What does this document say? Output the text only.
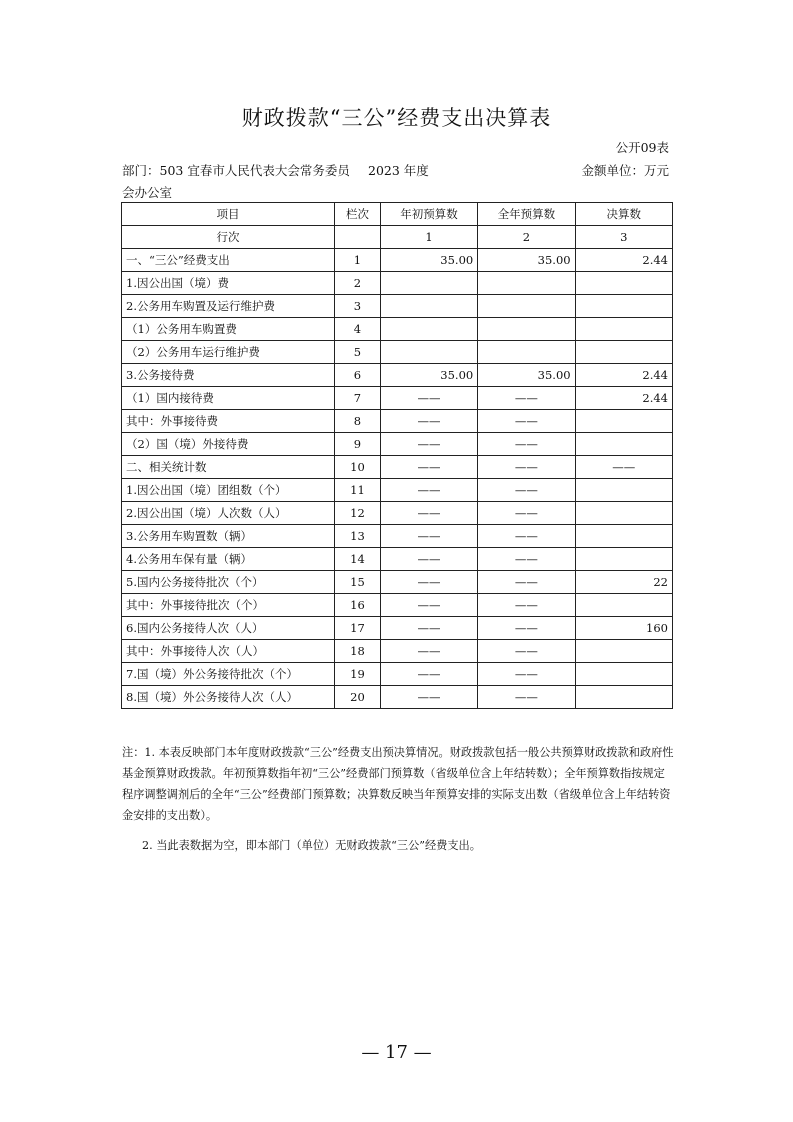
财政拨款“三公”经费支出决算表
公开09表
部门：503 宜春市人民代表大会常务委员会办公室
2023 年度	金额单位：万元
项目	栏次	年初预算数	全年预算数	决算数
行次		1	2	3
一、“三公”经费支出	1	35.00	35.00	2.44
1.因公出国（境）费	2			
2.公务用车购置及运行维护费	3			
（1）公务用车购置费	4			
（2）公务用车运行维护费	5			
3.公务接待费	6	35.00	35.00	2.44
（1）国内接待费	7	——	——	2.44
其中：外事接待费	8	——	——	
（2）国（境）外接待费	9	——	——	
二、相关统计数	10	——	——	——
1.因公出国（境）团组数（个）	11	——	——	
2.因公出国（境）人次数（人）	12	——	——	
3.公务用车购置数（辆）	13	——	——	
4.公务用车保有量（辆）	14	——	——	
5.国内公务接待批次（个）	15	——	——	22
其中：外事接待批次（个）	16	——	——	
6.国内公务接待人次（人）	17	——	——	160
其中：外事接待人次（人）	18	——	——	
7.国（境）外公务接待批次（个）	19	——	——	
8.国（境）外公务接待人次（人）	20	——	——	

注：1. 本表反映部门本年度财政拨款“三公”经费支出预决算情况。财政拨款包括一般公共预算财政拨款和政府性基金预算财政拨款。年初预算数指年初“三公”经费部门预算数（省级单位含上年结转数）；全年预算数指按规定程序调整调剂后的全年“三公”经费部门预算数；决算数反映当年预算安排的实际支出数（省级单位含上年结转资金安排的支出数）。

2. 当此表数据为空，即本部门（单位）无财政拨款“三公”经费支出。

— 17 —
